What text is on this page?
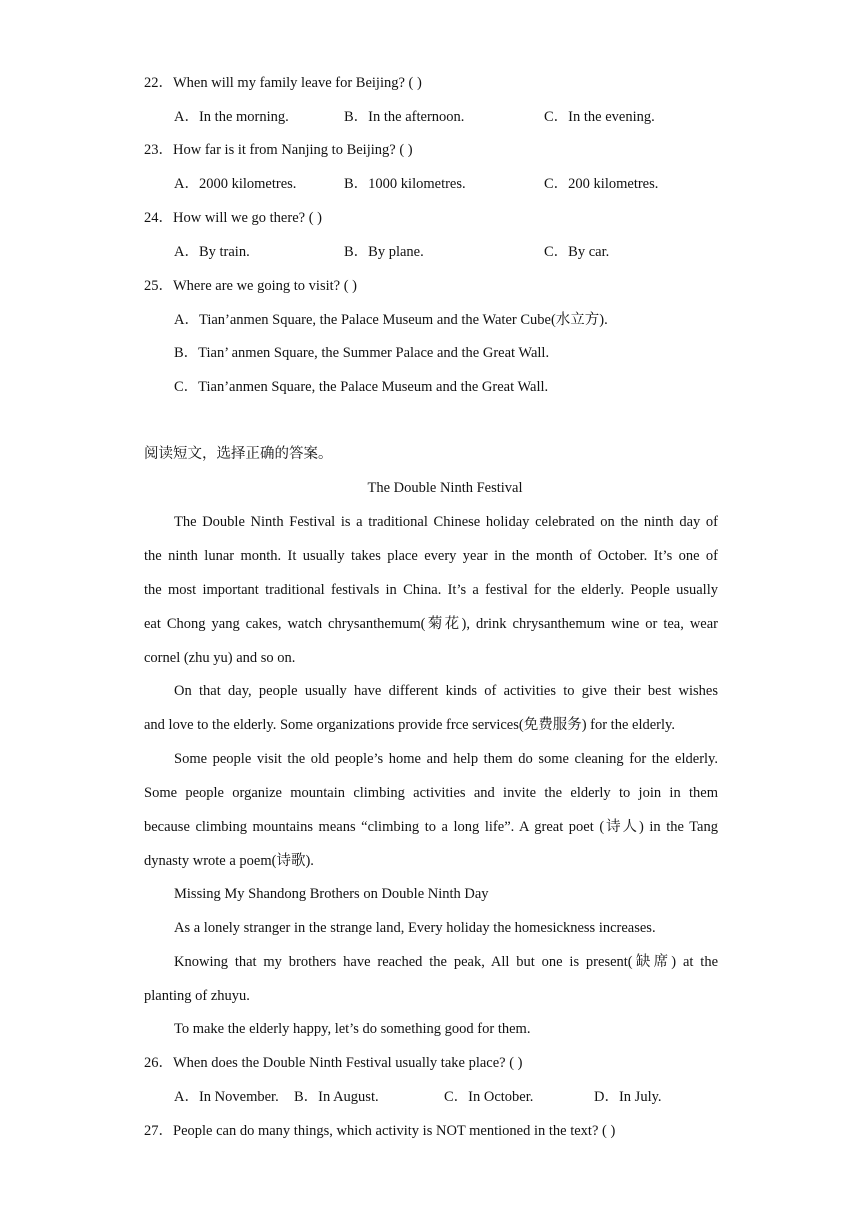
22．When will my family leave for Beijing? ( )
A．In the morning.	B．In the afternoon.	C．In the evening.
23．How far is it from Nanjing to Beijing? ( )
A．2000 kilometres.	B．1000 kilometres.	C．200 kilometres.
24．How will we go there? ( )
A．By train.	B．By plane.	C．By car.
25．Where are we going to visit? ( )
A．Tian’anmen Square, the Palace Museum and the Water Cube(水立方).
B．Tian’ anmen Square, the Summer Palace and the Great Wall.
C．Tian’anmen Square, the Palace Museum and the Great Wall.
阅读短文，选择正确的答案。
The Double Ninth Festival
The Double Ninth Festival is a traditional Chinese holiday celebrated on the ninth day of
the ninth lunar month. It usually takes place every year in the month of October. It’s one of
the most important traditional festivals in China. It’s a festival for the elderly. People usually
eat Chong yang cakes, watch chrysanthemum(菊花), drink chrysanthemum wine or tea, wear
cornel (zhu yu) and so on.
On that day, people usually have different kinds of activities to give their best wishes
and love to the elderly. Some organizations provide frce services(免费服务) for the elderly.
Some people visit the old people’s home and help them do some cleaning for the elderly.
Some people organize mountain climbing activities and invite the elderly to join in them
because climbing mountains means “climbing to a long life”. A great poet (诗人) in the Tang
dynasty wrote a poem(诗歌).
Missing My Shandong Brothers on Double Ninth Day
As a lonely stranger in the strange land, Every holiday the homesickness increases.
Knowing that my brothers have reached the peak, All but one is present(缺席) at the
planting of zhuyu.
To make the elderly happy, let’s do something good for them.
26．When does the Double Ninth Festival usually take place? ( )
A．In November. B．In August.	C．In October.	D．In July.
27．People can do many things, which activity is NOT mentioned in the text? ( )
